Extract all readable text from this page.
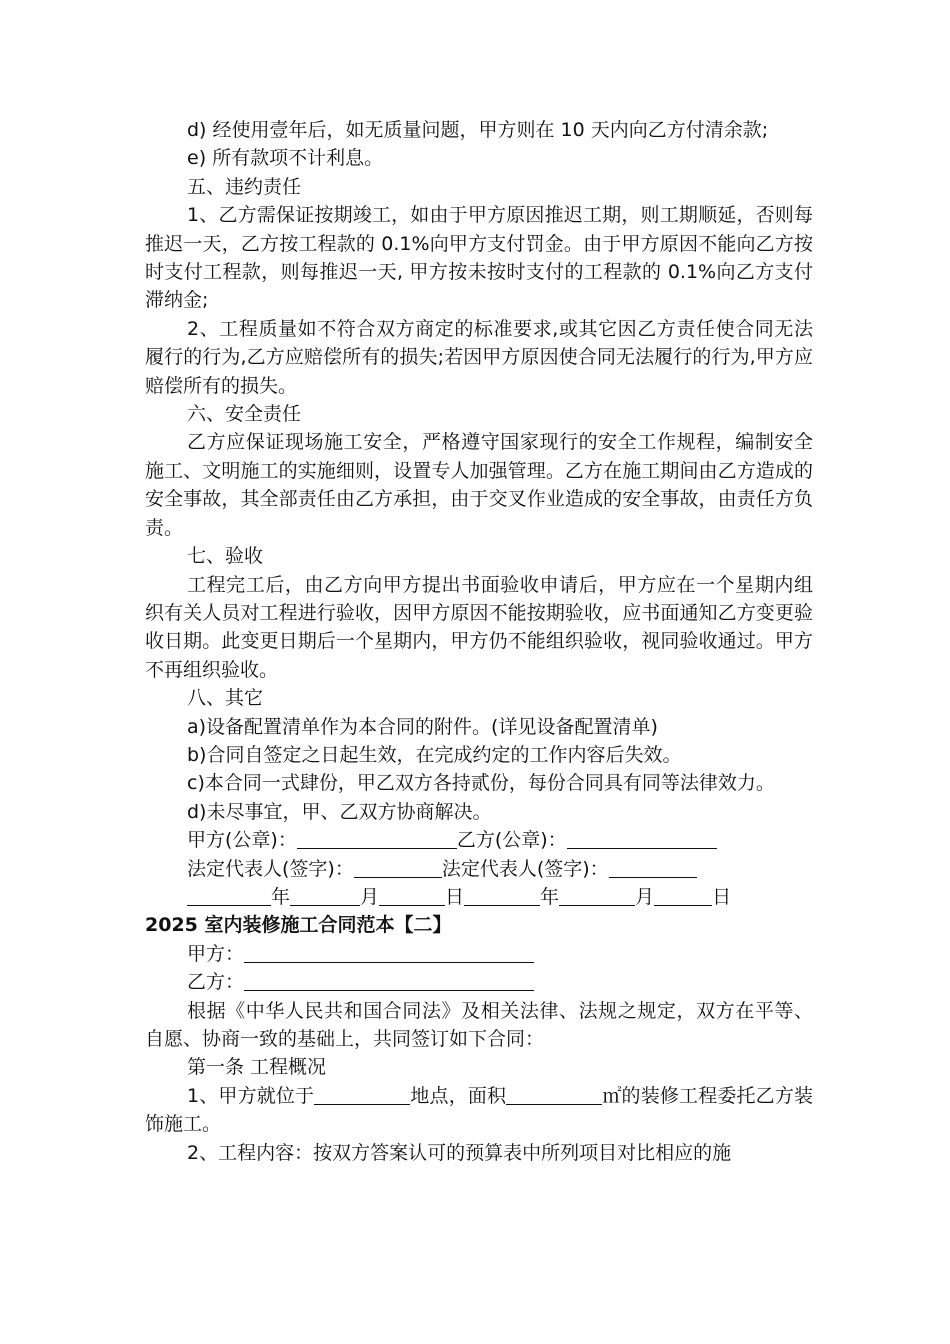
d) 经使用壹年后，如无质量问题，甲方则在 10 天内向乙方付清余款;

e) 所有款项不计利息。

五、违约责任

1、乙方需保证按期竣工，如由于甲方原因推迟工期，则工期顺延，否则每推迟一天，乙方按工程款的 0.1%向甲方支付罚金。由于甲方原因不能向乙方按时支付工程款，则每推迟一天, 甲方按未按时支付的工程款的 0.1%向乙方支付滞纳金;

2、工程质量如不符合双方商定的标准要求,或其它因乙方责任使合同无法履行的行为,乙方应赔偿所有的损失;若因甲方原因使合同无法履行的行为,甲方应赔偿所有的损失。

六、安全责任

乙方应保证现场施工安全，严格遵守国家现行的安全工作规程，编制安全施工、文明施工的实施细则，设置专人加强管理。乙方在施工期间由乙方造成的安全事故，其全部责任由乙方承担，由于交叉作业造成的安全事故，由责任方负责。

七、验收

工程完工后，由乙方向甲方提出书面验收申请后，甲方应在一个星期内组织有关人员对工程进行验收，因甲方原因不能按期验收，应书面通知乙方变更验收日期。此变更日期后一个星期内，甲方仍不能组织验收，视同验收通过。甲方不再组织验收。

八、其它

a)设备配置清单作为本合同的附件。(详见设备配置清单)

b)合同自签定之日起生效，在完成约定的工作内容后失效。

c)本合同一式肆份，甲乙双方各持贰份，每份合同具有同等法律效力。

d)未尽事宜，甲、乙双方协商解决。

甲方(公章)：	乙方(公章)：

法定代表人(签字)：	法定代表人(签字)：

年	月	日	年	月	日

2025 室内装修施工合同范本【二】

甲方：

乙方：

根据《中华人民共和国合同法》及相关法律、法规之规定，双方在平等、自愿、协商一致的基础上，共同签订如下合同：

第一条 工程概况

1、甲方就位于	地点，面积	㎡的装修工程委托乙方装饰施工。

2、工程内容：按双方答案认可的预算表中所列项目对比相应的施
